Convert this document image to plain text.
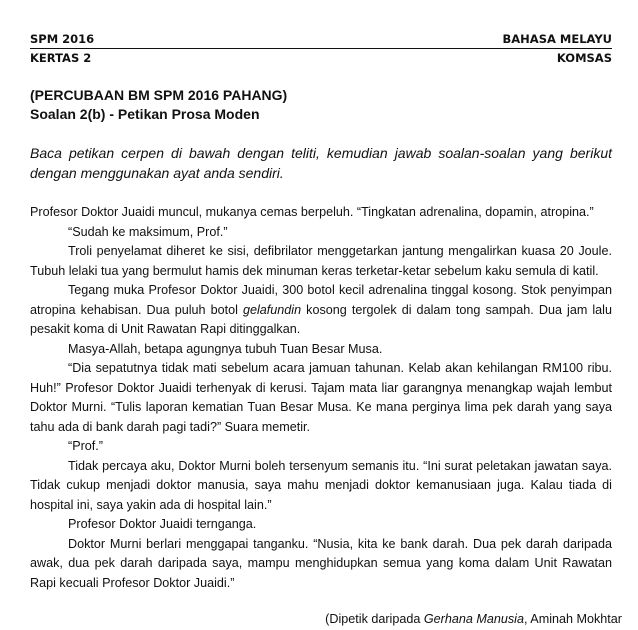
SPM 2016	BAHASA MELAYU
KERTAS 2	KOMSAS
(PERCUBAAN BM SPM 2016 PAHANG)
Soalan 2(b) - Petikan Prosa Moden
Baca petikan cerpen di bawah dengan teliti, kemudian jawab soalan-soalan yang berikut dengan menggunakan ayat anda sendiri.

Profesor Doktor Juaidi muncul, mukanya cemas berpeluh. “Tingkatan adrenalina, dopamin, atropina.”

“Sudah ke maksimum, Prof.”

Troli penyelamat diheret ke sisi, defibrilator menggetarkan jantung mengalirkan kuasa 20 Joule. Tubuh lelaki tua yang bermulut hamis dek minuman keras terketar-ketar sebelum kaku semula di katil.

Tegang muka Profesor Doktor Juaidi, 300 botol kecil adrenalina tinggal kosong. Stok penyimpan atropina kehabisan. Dua puluh botol gelafundin kosong tergolek di dalam tong sampah. Dua jam lalu pesakit koma di Unit Rawatan Rapi ditinggalkan.

Masya-Allah, betapa agungnya tubuh Tuan Besar Musa.

“Dia sepatutnya tidak mati sebelum acara jamuan tahunan. Kelab akan kehilangan RM100 ribu. Huh!” Profesor Doktor Juaidi terhenyak di kerusi. Tajam mata liar garangnya menangkap wajah lembut Doktor Murni. “Tulis laporan kematian Tuan Besar Musa. Ke mana perginya lima pek darah yang saya tahu ada di bank darah pagi tadi?” Suara memetir.

“Prof.”

Tidak percaya aku, Doktor Murni boleh tersenyum semanis itu. “Ini surat peletakan jawatan saya. Tidak cukup menjadi doktor manusia, saya mahu menjadi doktor kemanusiaan juga. Kalau tiada di hospital ini, saya yakin ada di hospital lain.”

Profesor Doktor Juaidi ternganga.

Doktor Murni berlari menggapai tanganku. “Nusia, kita ke bank darah. Dua pek darah daripada awak, dua pek darah daripada saya, mampu menghidupkan semua yang koma dalam Unit Rawatan Rapi kecuali Profesor Doktor Juaidi.”

(Dipetik daripada Gerhana Manusia, Aminah Mokhtar
